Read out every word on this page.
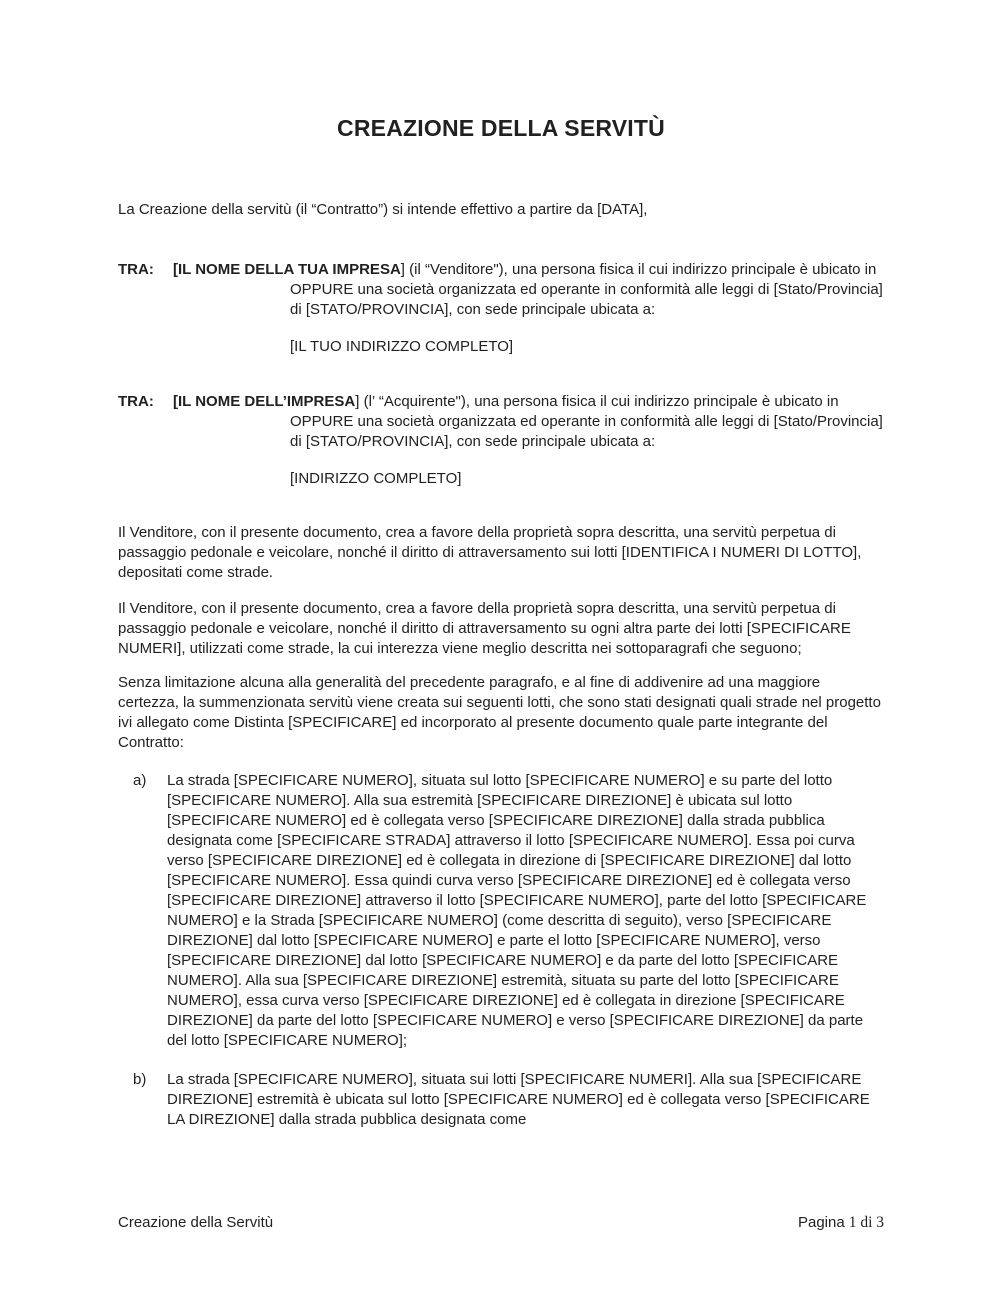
CREAZIONE DELLA SERVITÙ

La Creazione della servitù (il “Contratto”) si intende effettivo a partire da [DATA],

TRA: [IL NOME DELLA TUA IMPRESA] (il “Venditore"), una persona fisica il cui indirizzo principale è ubicato in OPPURE una società organizzata ed operante in conformità alle leggi di [Stato/Provincia]  di [STATO/PROVINCIA], con sede principale ubicata a:

[IL TUO INDIRIZZO COMPLETO]
TRA: [IL NOME DELL’IMPRESA] (l’ “Acquirente"), una persona fisica il cui indirizzo principale è ubicato in OPPURE una società organizzata ed operante in conformità alle leggi di [Stato/Provincia]  di [STATO/PROVINCIA], con sede principale ubicata a:

[INDIRIZZO COMPLETO]

Il Venditore, con il presente documento, crea a favore della proprietà sopra descritta, una servitù perpetua di passaggio pedonale e veicolare, nonché il diritto di attraversamento sui lotti [IDENTIFICA I NUMERI DI LOTTO], depositati come strade.

Il Venditore, con il presente documento, crea a favore della proprietà sopra descritta, una servitù perpetua di passaggio pedonale e veicolare, nonché il diritto di attraversamento su ogni altra parte dei lotti [SPECIFICARE NUMERI], utilizzati come strade, la cui interezza viene meglio descritta nei sottoparagrafi che seguono;

Senza limitazione alcuna alla generalità del precedente paragrafo, e al fine di addivenire ad una maggiore certezza, la summenzionata servitù viene creata sui seguenti lotti, che sono stati designati quali strade nel progetto ivi allegato come Distinta [SPECIFICARE] ed incorporato al presente documento quale parte integrante del Contratto:

a) La strada [SPECIFICARE NUMERO], situata sul lotto [SPECIFICARE NUMERO] e su parte del lotto [SPECIFICARE NUMERO]. Alla sua estremità [SPECIFICARE DIREZIONE] è ubicata sul lotto [SPECIFICARE NUMERO] ed è collegata verso [SPECIFICARE DIREZIONE] dalla strada pubblica designata come [SPECIFICARE STRADA] attraverso il lotto [SPECIFICARE NUMERO]. Essa poi curva verso [SPECIFICARE DIREZIONE] ed è collegata in direzione di [SPECIFICARE DIREZIONE] dal lotto [SPECIFICARE NUMERO]. Essa quindi curva verso [SPECIFICARE DIREZIONE] ed è collegata verso [SPECIFICARE DIREZIONE] attraverso il lotto [SPECIFICARE NUMERO], parte del lotto [SPECIFICARE NUMERO] e la Strada [SPECIFICARE NUMERO] (come descritta di seguito), verso [SPECIFICARE DIREZIONE] dal lotto [SPECIFICARE NUMERO] e parte el lotto [SPECIFICARE NUMERO], verso [SPECIFICARE DIREZIONE] dal lotto [SPECIFICARE NUMERO] e da parte del lotto [SPECIFICARE NUMERO]. Alla sua [SPECIFICARE DIREZIONE] estremità, situata su parte del lotto [SPECIFICARE NUMERO], essa curva verso [SPECIFICARE DIREZIONE] ed è collegata in direzione [SPECIFICARE DIREZIONE] da parte del lotto [SPECIFICARE NUMERO] e verso [SPECIFICARE DIREZIONE] da parte del lotto [SPECIFICARE NUMERO];

b) La strada [SPECIFICARE NUMERO], situata sui lotti [SPECIFICARE NUMERI]. Alla sua [SPECIFICARE DIREZIONE] estremità è ubicata sul lotto [SPECIFICARE NUMERO] ed è collegata verso [SPECIFICARE LA DIREZIONE] dalla strada pubblica designata come

Creazione della Servitù	Pagina 1 di 3
